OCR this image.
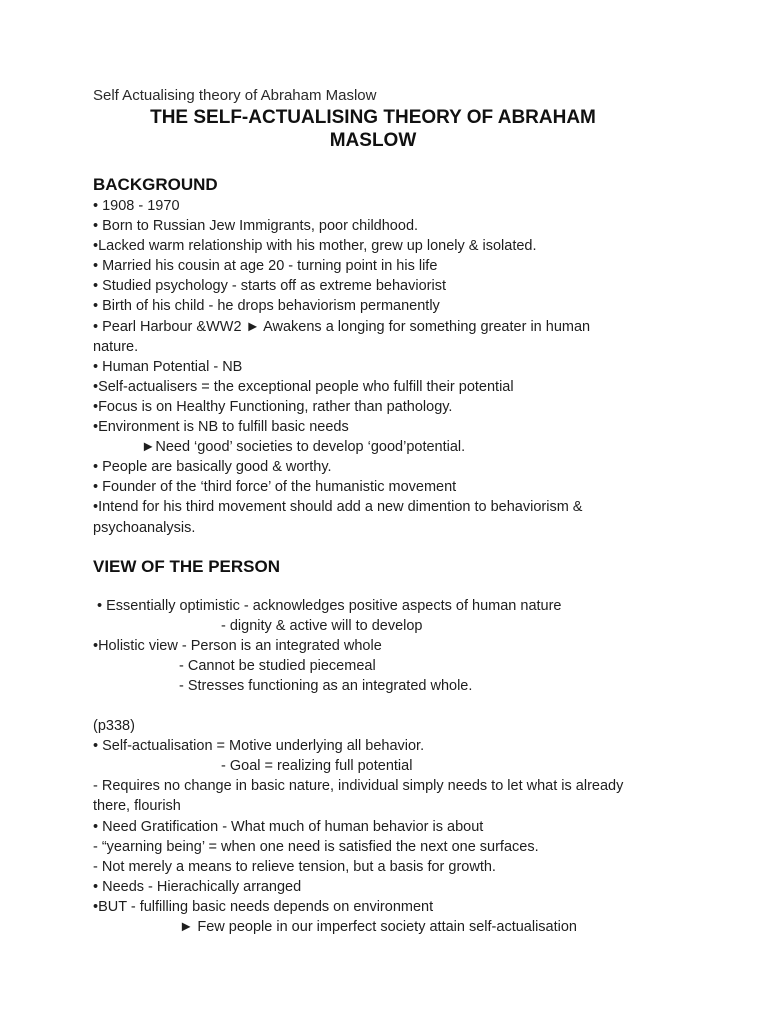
Self Actualising theory of Abraham Maslow
THE SELF-ACTUALISING THEORY OF ABRAHAM
MASLOW
BACKGROUND
• 1908 - 1970
• Born to Russian Jew Immigrants, poor childhood.
•Lacked warm relationship with his mother, grew up lonely & isolated.
• Married his cousin at age 20 - turning point in his life
• Studied psychology - starts off as extreme behaviorist
• Birth of his child - he drops behaviorism permanently
• Pearl Harbour &WW2 ► Awakens a longing for something greater in human
nature.
• Human Potential - NB
•Self-actualisers = the exceptional people who fulfill their potential
•Focus is on Healthy Functioning, rather than pathology.
•Environment is NB to fulfill basic needs
►Need ‘good’ societies to develop ‘good’potential.
• People are basically good & worthy.
• Founder of the ‘third force’ of the humanistic movement
•Intend for his third movement should add a new dimention to behaviorism &
psychoanalysis.
VIEW OF THE PERSON
• Essentially optimistic - acknowledges positive aspects of human nature
- dignity & active will to develop
•Holistic view - Person is an integrated whole
- Cannot be studied piecemeal
- Stresses functioning as an integrated whole.
(p338)
• Self-actualisation = Motive underlying all behavior.
- Goal = realizing full potential
- Requires no change in basic nature, individual simply needs to let what is already
there, flourish
• Need Gratification - What much of human behavior is about
- “yearning being’ = when one need is satisfied the next one surfaces.
- Not merely a means to relieve tension, but a basis for growth.
• Needs - Hierachically arranged
•BUT - fulfilling basic needs depends on environment
► Few people in our imperfect society attain self-actualisation
